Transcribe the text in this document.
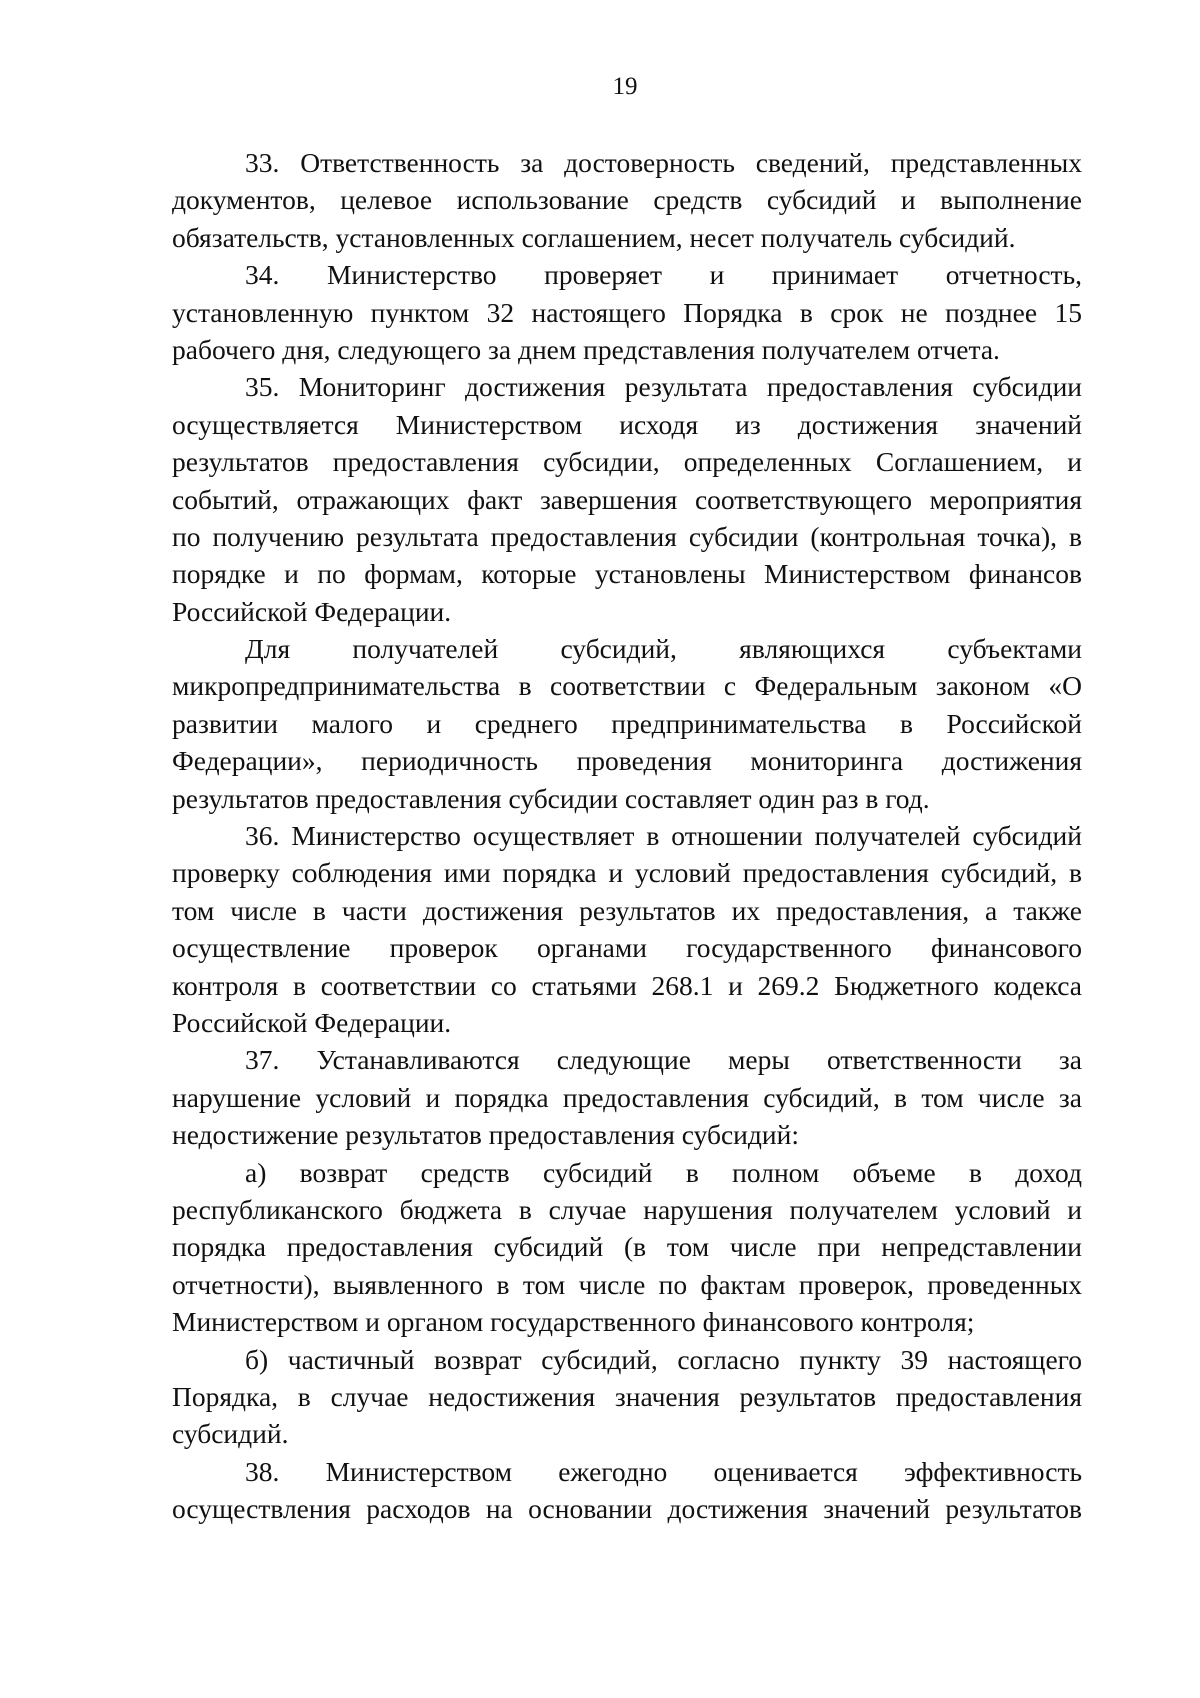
19
33. Ответственность за достоверность сведений, представленных
документов, целевое использование средств субсидий и выполнение
обязательств, установленных соглашением, несет получатель субсидий.
34. Министерство проверяет и принимает отчетность,
установленную пунктом 32 настоящего Порядка в срок не позднее 15
рабочего дня, следующего за днем представления получателем отчета.
35. Мониторинг достижения результата предоставления субсидии
осуществляется Министерством исходя из достижения значений
результатов предоставления субсидии, определенных Соглашением, и
событий, отражающих факт завершения соответствующего мероприятия
по получению результата предоставления субсидии (контрольная точка), в
порядке и по формам, которые установлены Министерством финансов
Российской Федерации.
Для получателей субсидий, являющихся субъектами
микропредпринимательства в соответствии с Федеральным законом «О
развитии малого и среднего предпринимательства в Российской
Федерации», периодичность проведения мониторинга достижения
результатов предоставления субсидии составляет один раз в год.
36. Министерство осуществляет в отношении получателей субсидий
проверку соблюдения ими порядка и условий предоставления субсидий, в
том числе в части достижения результатов их предоставления, а также
осуществление проверок органами государственного финансового
контроля в соответствии со статьями 268.1 и 269.2 Бюджетного кодекса
Российской Федерации.
37. Устанавливаются следующие меры ответственности за
нарушение условий и порядка предоставления субсидий, в том числе за
недостижение результатов предоставления субсидий:
а) возврат средств субсидий в полном объеме в доход
республиканского бюджета в случае нарушения получателем условий и
порядка предоставления субсидий (в том числе при непредставлении
отчетности), выявленного в том числе по фактам проверок, проведенных
Министерством и органом государственного финансового контроля;
б) частичный возврат субсидий, согласно пункту 39 настоящего
Порядка, в случае недостижения значения результатов предоставления
субсидий.
38. Министерством ежегодно оценивается эффективность
осуществления расходов на основании достижения значений результатов
